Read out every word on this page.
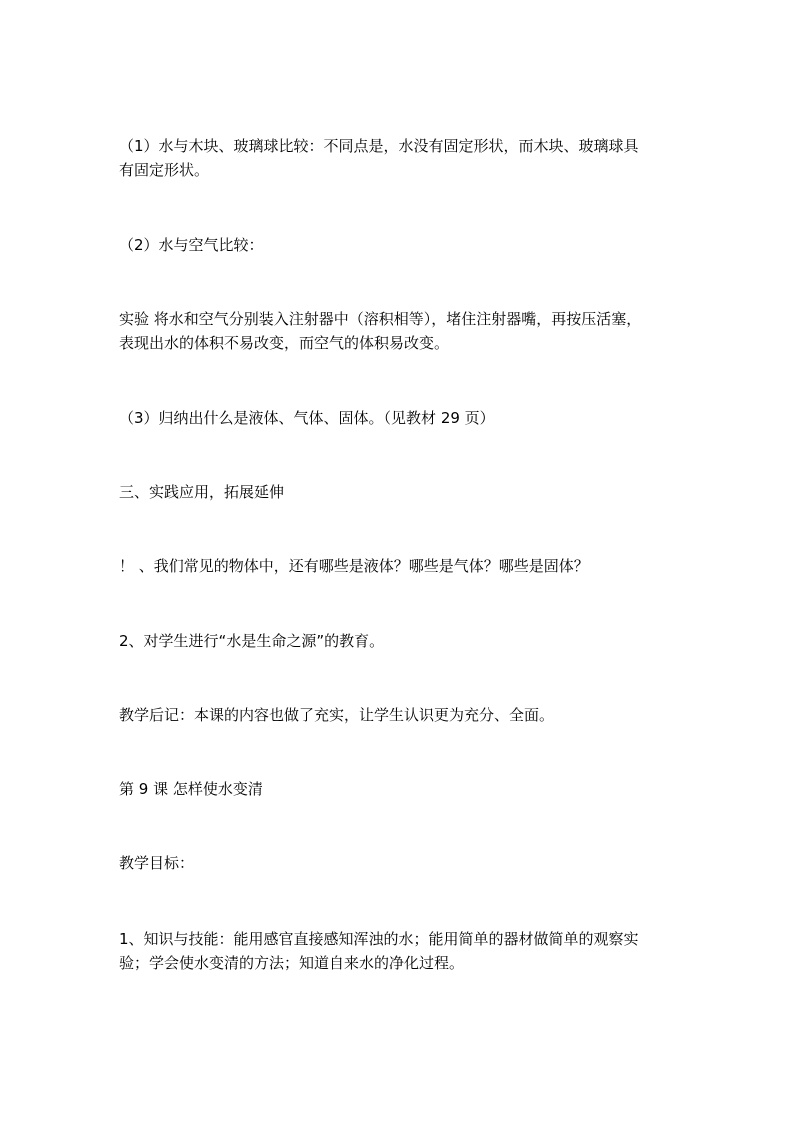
（1）水与木块、玻璃球比较：不同点是，水没有固定形状，而木块、玻璃球具
有固定形状。
（2）水与空气比较：
实验 将水和空气分别装入注射器中（溶积相等），堵住注射器嘴，再按压活塞，
表现出水的体积不易改变，而空气的体积易改变。
（3）归纳出什么是液体、气体、固体。（见教材 29 页）
三、实践应用，拓展延伸
！ 、我们常见的物体中，还有哪些是液体？哪些是气体？哪些是固体？
2、对学生进行“水是生命之源”的教育。
教学后记：本课的内容也做了充实，让学生认识更为充分、全面。
第 9 课 怎样使水变清
教学目标：
1、知识与技能：能用感官直接感知浑浊的水；能用简单的器材做简单的观察实
验；学会使水变清的方法；知道自来水的净化过程。
